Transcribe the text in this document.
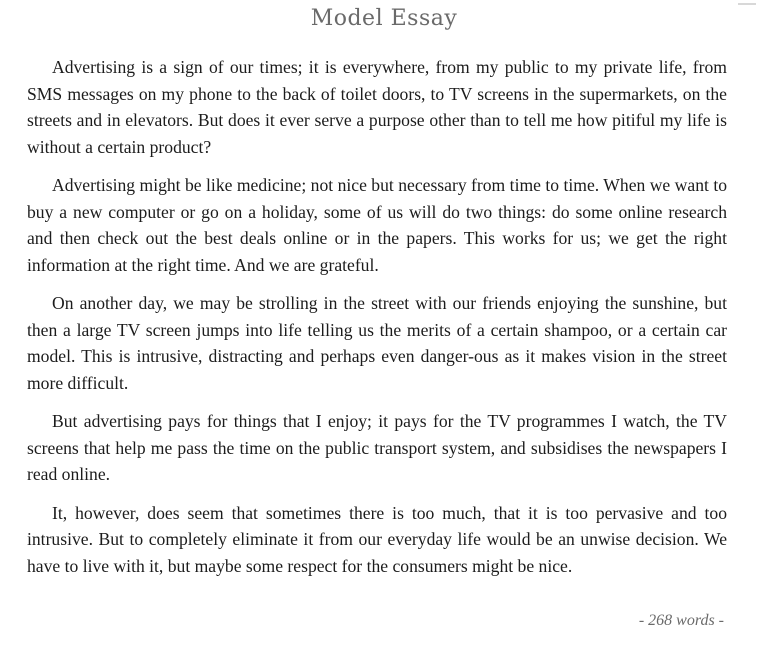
Model Essay

Advertising is a sign of our times; it is everywhere, from my public to my private life, from SMS messages on my phone to the back of toilet doors, to TV screens in the supermarkets, on the streets and in elevators. But does it ever serve a purpose other than to tell me how pitiful my life is without a certain product?

Advertising might be like medicine; not nice but necessary from time to time. When we want to buy a new computer or go on a holiday, some of us will do two things: do some online research and then check out the best deals online or in the papers. This works for us; we get the right information at the right time. And we are grateful.

On another day, we may be strolling in the street with our friends enjoying the sunshine, but then a large TV screen jumps into life telling us the merits of a certain shampoo, or a certain car model. This is intrusive, distracting and perhaps even danger-ous as it makes vision in the street more difficult.

But advertising pays for things that I enjoy; it pays for the TV programmes I watch, the TV screens that help me pass the time on the public transport system, and subsidises the newspapers I read online.

It, however, does seem that sometimes there is too much, that it is too pervasive and too intrusive. But to completely eliminate it from our everyday life would be an unwise decision. We have to live with it, but maybe some respect for the consumers might be nice.

- 268 words -
